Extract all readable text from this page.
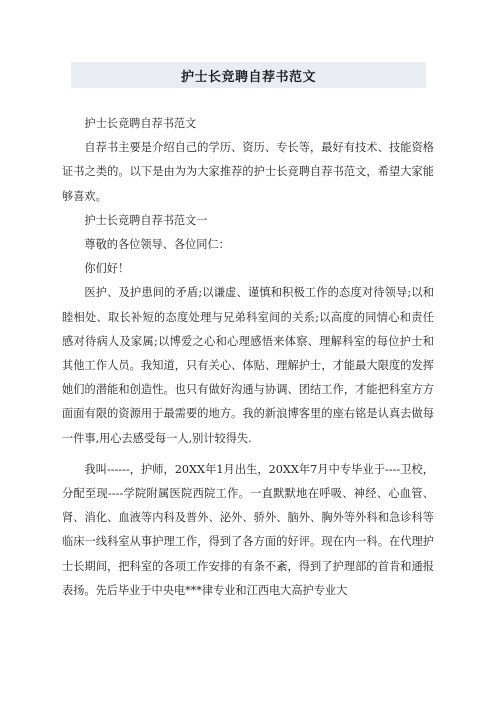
护士长竞聘自荐书范文

护士长竞聘自荐书范文

自荐书主要是介绍自己的学历、资历、专长等，最好有技术、技能资格证书之类的。以下是由为为大家推荐的护士长竞聘自荐书范文，希望大家能够喜欢。

护士长竞聘自荐书范文一

尊敬的各位领导、各位同仁：

你们好！

医护、及护患间的矛盾;以谦虚、谨慎和积极工作的态度对待领导;以和睦相处、取长补短的态度处理与兄弟科室间的关系;以高度的同情心和责任感对待病人及家属;以博爱之心和心理感悟来体察、理解科室的每位护士和其他工作人员。我知道，只有关心、体贴、理解护士，才能最大限度的发挥她们的潜能和创造性。也只有做好沟通与协调、团结工作，才能把科室方方面面有限的资源用于最需要的地方。我的新浪博客里的座右铭是认真去做每一件事,用心去感受每一人,别计较得失.

我叫------，护师，20XX年1月出生，20XX年7月中专毕业于----卫校，分配至现----学院附属医院西院工作。一直默默地在呼吸、神经、心血管、肾、消化、血液等内科及普外、泌外、骄外、脑外、胸外等外科和急诊科等临床一线科室从事护理工作，得到了各方面的好评。现在内一科。在代理护士长期间，把科室的各项工作安排的有条不紊，得到了护理部的首肯和通报表扬。先后毕业于中央电***律专业和江西电大高护专业大
